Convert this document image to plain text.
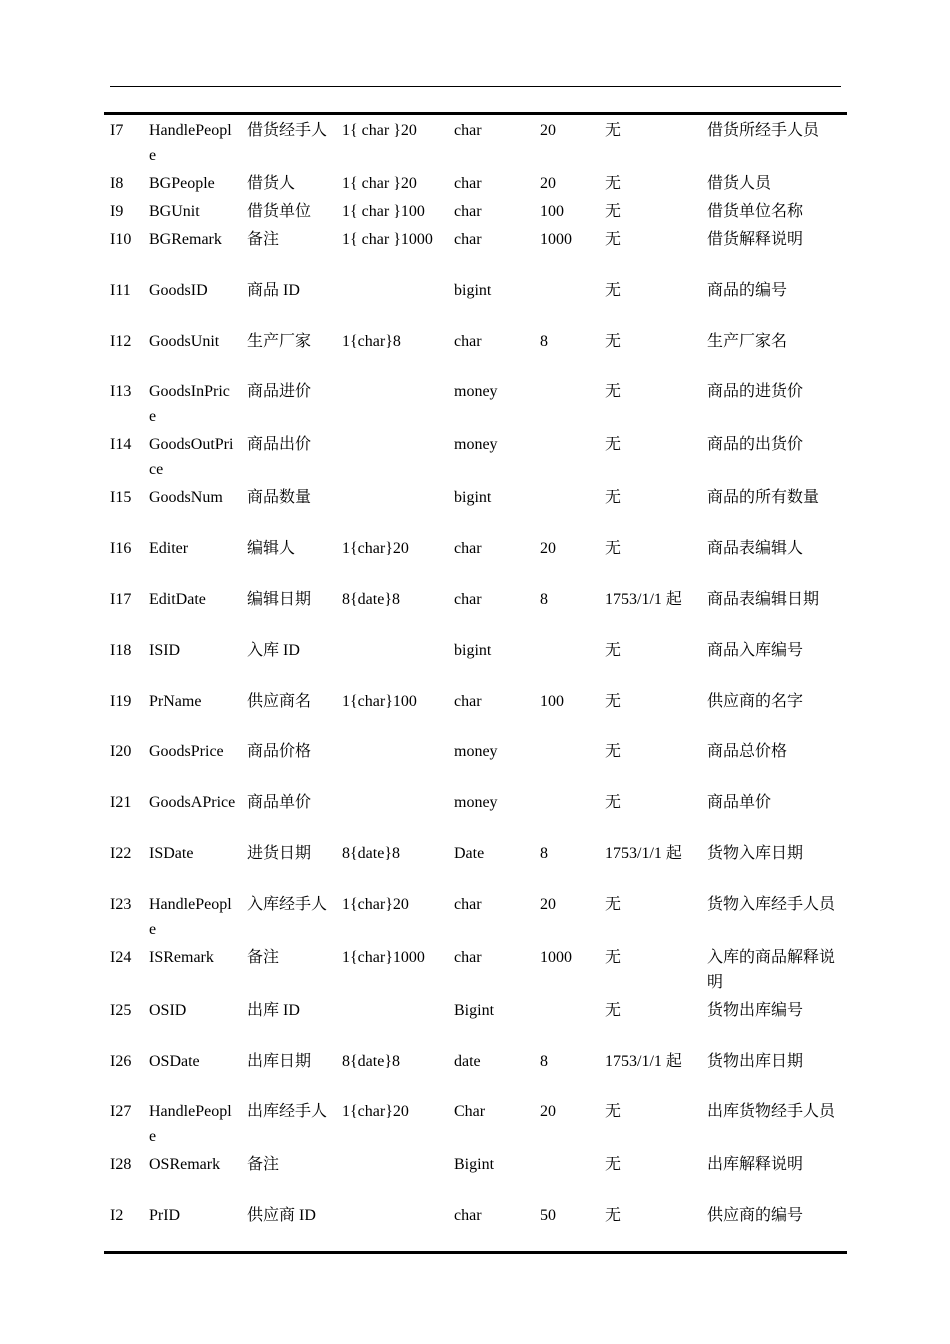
I7	HandlePeople	借货经手人	1{ char }20	char	20	无	借货所经手人员

I8	BGPeople	借货人	1{ char }20	char	20	无	借货人员

I9	BGUnit	借货单位	1{ char }100	char	100	无	借货单位名称

I10	BGRemark	备注	1{ char }1000	char	1000	无	借货解释说明

I11	GoodsID	商品 ID		bigint		无	商品的编号

I12	GoodsUnit	生产厂家	1{char}8	char	8	无	生产厂家名

I13	GoodsInPrice	商品进价		money		无	商品的进货价

I14	GoodsOutPrice	商品出价		money		无	商品的出货价

I15	GoodsNum	商品数量		bigint		无	商品的所有数量

I16	Editer	编辑人	1{char}20	char	20	无	商品表编辑人

I17	EditDate	编辑日期	8{date}8	char	8	1753/1/1 起	商品表编辑日期

I18	ISID	入库 ID		bigint		无	商品入库编号

I19	PrName	供应商名	1{char}100	char	100	无	供应商的名字

I20	GoodsPrice	商品价格		money		无	商品总价格

I21	GoodsAPrice	商品单价		money		无	商品单价

I22	ISDate	进货日期	8{date}8	Date	8	1753/1/1 起	货物入库日期

I23	HandlePeople	入库经手人	1{char}20	char	20	无	货物入库经手人员

I24	ISRemark	备注	1{char}1000	char	1000	无	入库的商品解释说明

I25	OSID	出库 ID		Bigint		无	货物出库编号

I26	OSDate	出库日期	8{date}8	date	8	1753/1/1 起	货物出库日期

I27	HandlePeople	出库经手人	1{char}20	Char	20	无	出库货物经手人员

I28	OSRemark	备注		Bigint		无	出库解释说明

I2	PrID	供应商 ID		char	50	无	供应商的编号
